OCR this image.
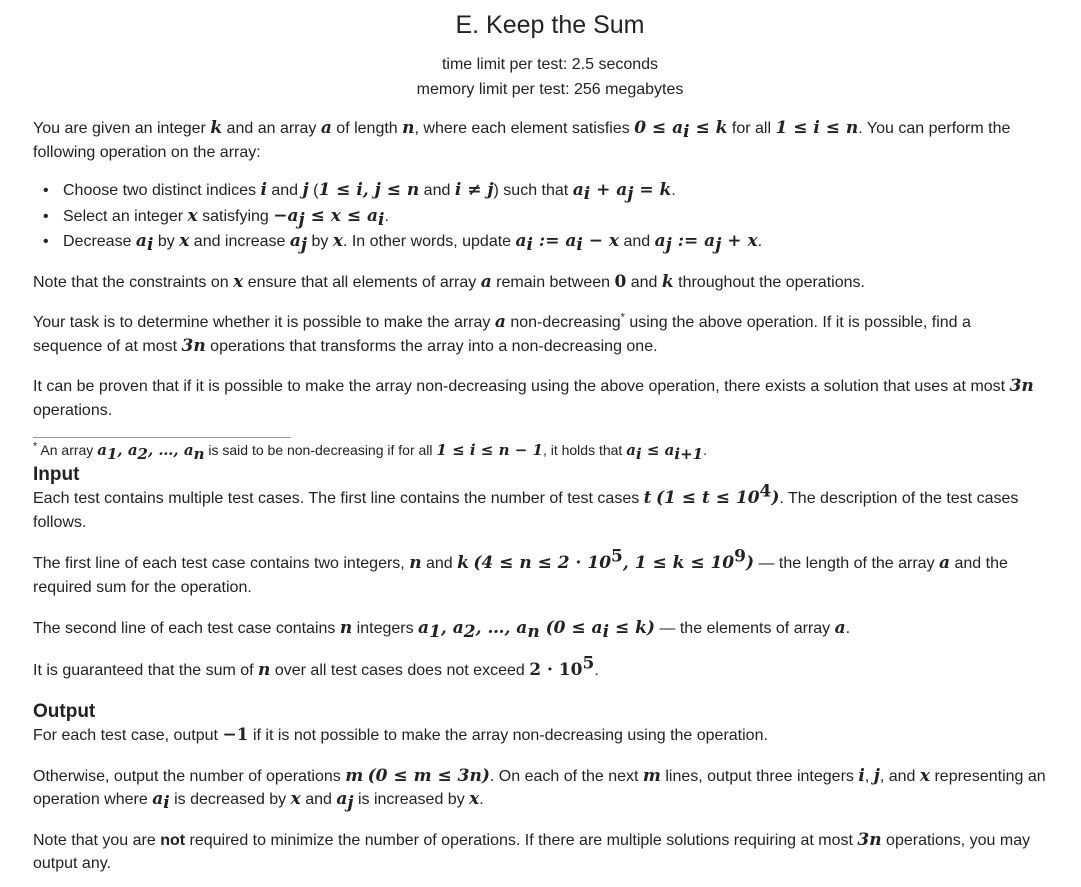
E. Keep the Sum
time limit per test: 2.5 seconds
memory limit per test: 256 megabytes

You are given an integer k and an array a of length n, where each element satisfies $0 \le a_i \le k$ for all 1 ≤ i ≤ n. You can perform the following operation on the array:

• Choose two distinct indices i and j (1 ≤ i, j ≤ n and i ≠ j) such that $a_i + a_j = k$.
• Select an integer x satisfying $-a_j \le x \le a_i$.
• Decrease $a_i$ by x and increase $a_j$ by x. In other words, update $a_i$ := $a_i - x$ and $a_j$ := $a_j + x$.

Note that the constraints on x ensure that all elements of array a remain between 0 and k throughout the operations.

Your task is to determine whether it is possible to make the array a non-decreasing* using the above operation. If it is possible, find a sequence of at most 3n operations that transforms the array into a non-decreasing one.

It can be proven that if it is possible to make the array non-decreasing using the above operation, there exists a solution that uses at most 3n operations.

* An array $a_1$, $a_2$, …, $a_n$ is said to be non-decreasing if for all 1 ≤ i ≤ n − 1, it holds that $a_i \le a_{i+1}$.

Input

Each test contains multiple test cases. The first line contains the number of test cases t $(1 \le t \le 10^4)$. The description of the test cases follows.

The first line of each test case contains two integers, n and k ($4 \le n \le 2 \cdot 10^5$, $1 \le k \le 10^9$) — the length of the array a and the required sum for the operation.

The second line of each test case contains n integers $a_1$, $a_2$, …, $a_n$ $(0 \le a_i \le k)$ — the elements of array a.

It is guaranteed that the sum of n over all test cases does not exceed $2 \cdot 10^5$.

Output

For each test case, output −1 if it is not possible to make the array non-decreasing using the operation.

Otherwise, output the number of operations m (0 ≤ m ≤ 3n). On each of the next m lines, output three integers i, j, and x representing an operation where $a_i$ is decreased by x and $a_j$ is increased by x.

Note that you are not required to minimize the number of operations. If there are multiple solutions requiring at most 3n operations, you may output any.
